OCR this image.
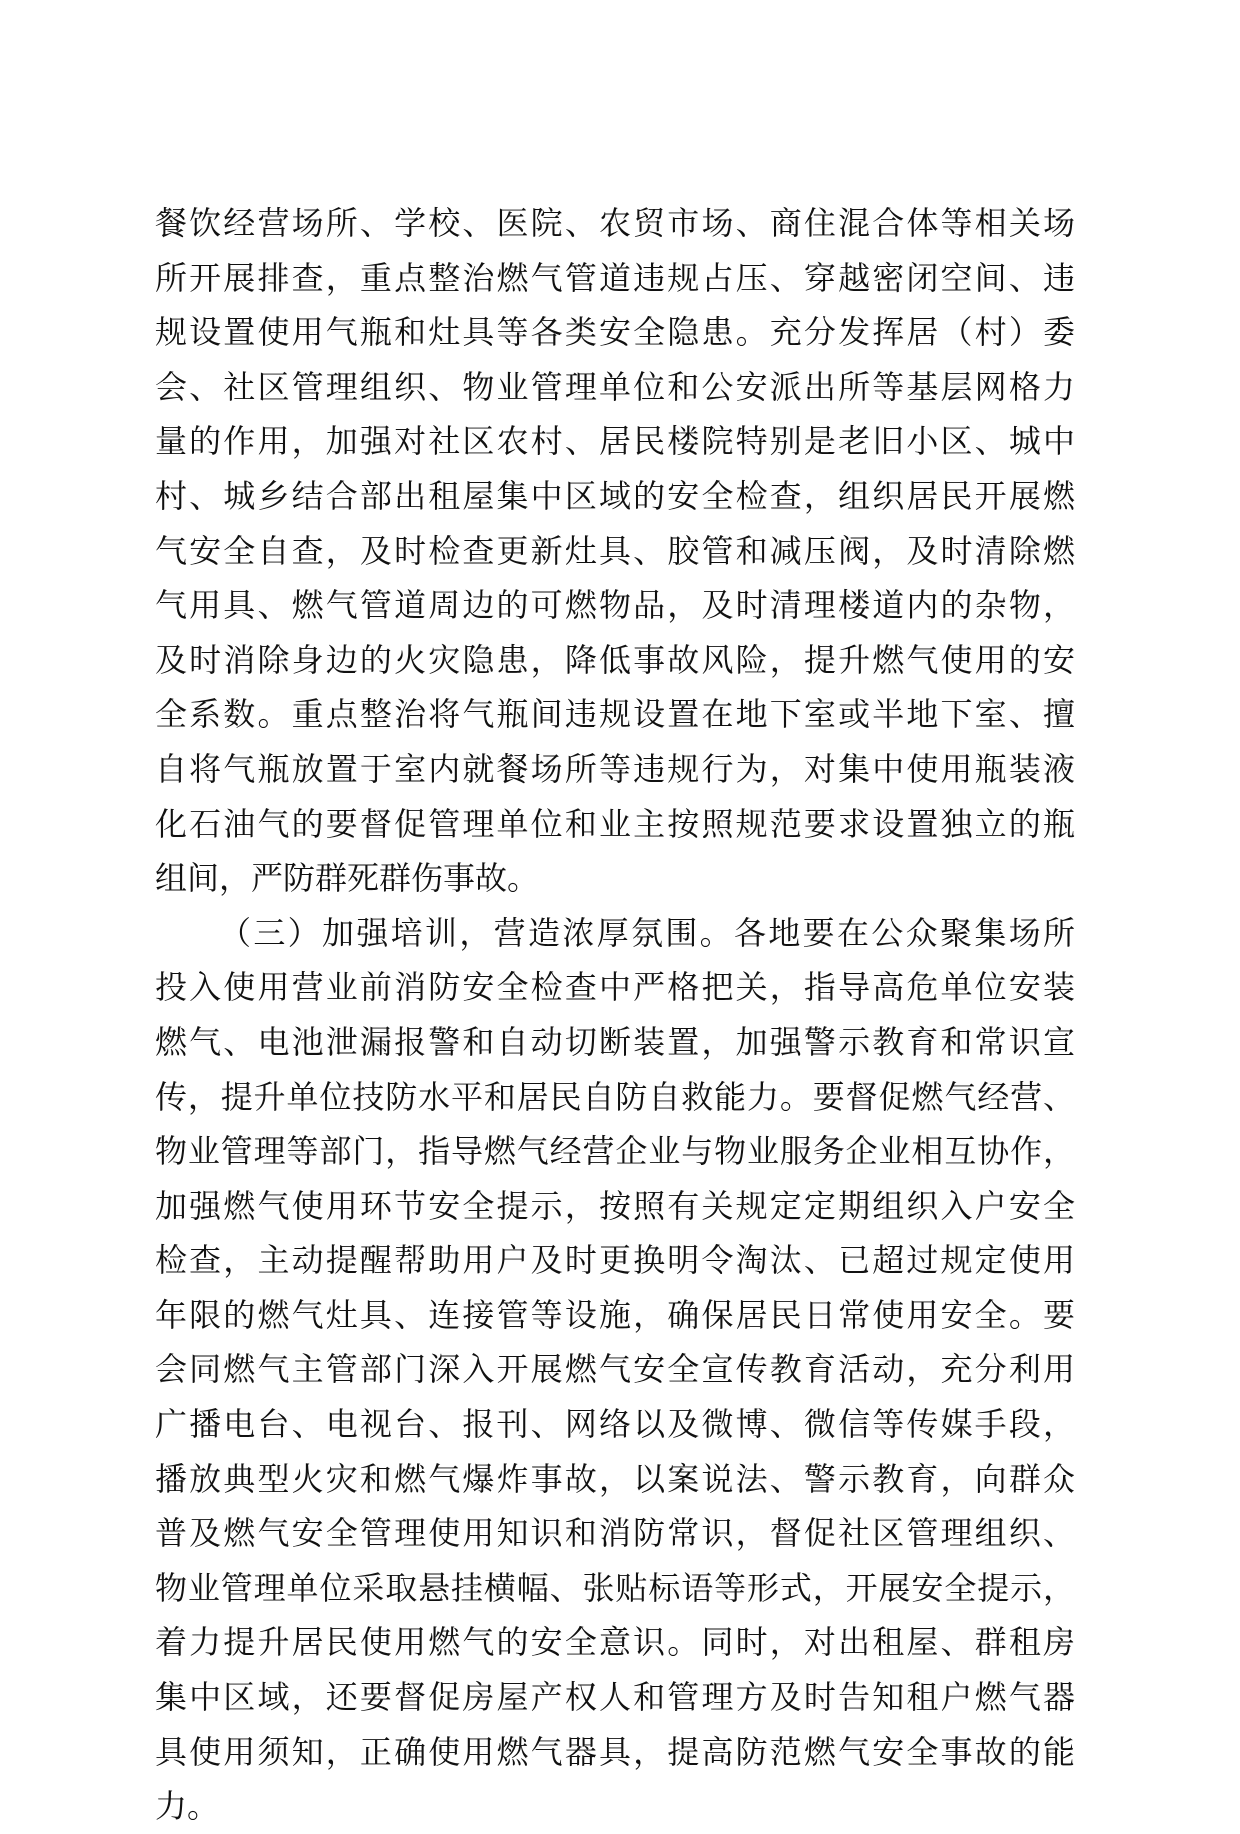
餐饮经营场所、学校、医院、农贸市场、商住混合体等相关场
所开展排查，重点整治燃气管道违规占压、穿越密闭空间、违
规设置使用气瓶和灶具等各类安全隐患。充分发挥居（村）委
会、社区管理组织、物业管理单位和公安派出所等基层网格力
量的作用，加强对社区农村、居民楼院特别是老旧小区、城中
村、城乡结合部出租屋集中区域的安全检查，组织居民开展燃
气安全自查，及时检查更新灶具、胶管和减压阀，及时清除燃
气用具、燃气管道周边的可燃物品，及时清理楼道内的杂物，
及时消除身边的火灾隐患，降低事故风险，提升燃气使用的安
全系数。重点整治将气瓶间违规设置在地下室或半地下室、擅
自将气瓶放置于室内就餐场所等违规行为，对集中使用瓶装液
化石油气的要督促管理单位和业主按照规范要求设置独立的瓶
组间，严防群死群伤事故。
（三）加强培训，营造浓厚氛围。各地要在公众聚集场所
投入使用营业前消防安全检查中严格把关，指导高危单位安装
燃气、电池泄漏报警和自动切断装置，加强警示教育和常识宣
传，提升单位技防水平和居民自防自救能力。要督促燃气经营、
物业管理等部门，指导燃气经营企业与物业服务企业相互协作，
加强燃气使用环节安全提示，按照有关规定定期组织入户安全
检查，主动提醒帮助用户及时更换明令淘汰、已超过规定使用
年限的燃气灶具、连接管等设施，确保居民日常使用安全。要
会同燃气主管部门深入开展燃气安全宣传教育活动，充分利用
广播电台、电视台、报刊、网络以及微博、微信等传媒手段，
播放典型火灾和燃气爆炸事故，以案说法、警示教育，向群众
普及燃气安全管理使用知识和消防常识，督促社区管理组织、
物业管理单位采取悬挂横幅、张贴标语等形式，开展安全提示，
着力提升居民使用燃气的安全意识。同时，对出租屋、群租房
集中区域，还要督促房屋产权人和管理方及时告知租户燃气器
具使用须知，正确使用燃气器具，提高防范燃气安全事故的能
力。
